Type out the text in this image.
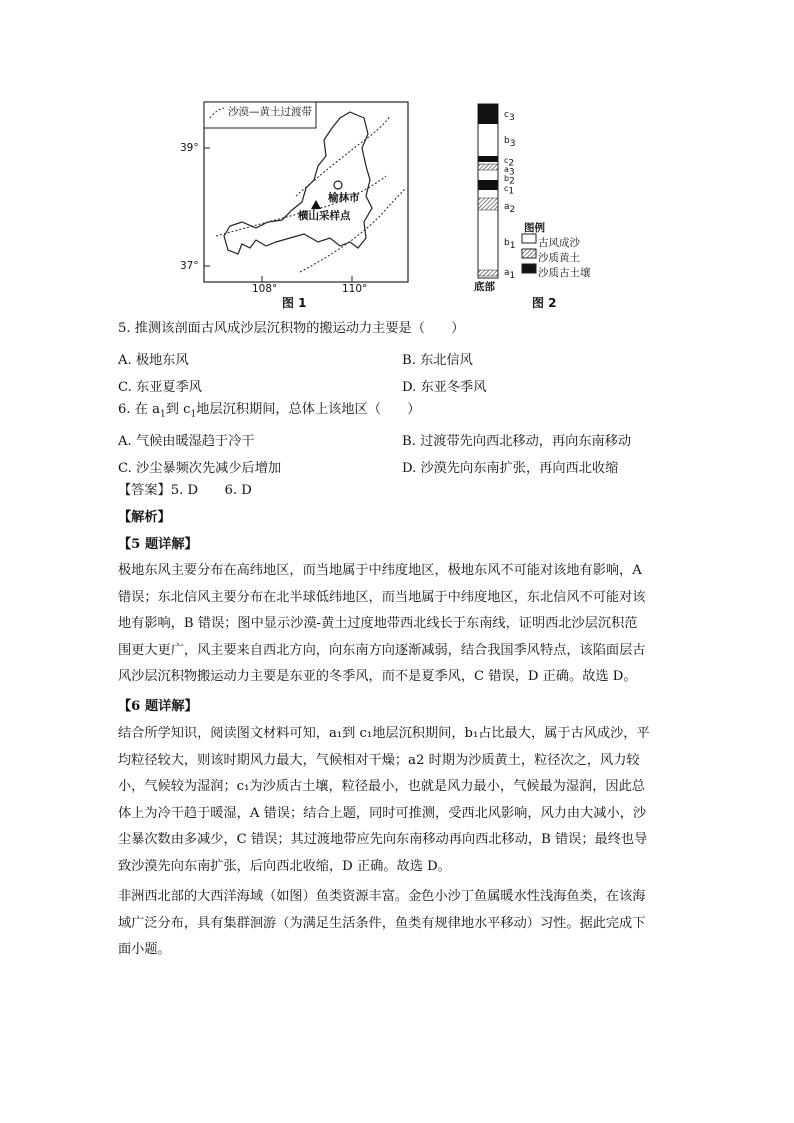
沙漠—黄土过渡带
39°
37°
108°	110°
榆林市
横山采样点
图 1
$c_3$
$b_3$
$c_2$
$a_3$
$b_2$
$c_1$
$a_2$
$b_1$
$a_1$
底部
图例
古风成沙
沙质黄土
沙质古土壤
图 2
5. 推测该剖面古风成沙层沉积物的搬运动力主要是（　　）
A. 极地东风	B. 东北信风
C. 东亚夏季风	D. 东亚冬季风
6. 在 $a_1$到 $c_1$地层沉积期间，总体上该地区（　　）
A. 气候由暖湿趋于冷干	B. 过渡带先向西北移动，再向东南移动
C. 沙尘暴频次先减少后增加	D. 沙漠先向东南扩张，再向西北收缩
【答案】5. D　　6. D
【解析】
【5 题详解】
极地东风主要分布在高纬地区，而当地属于中纬度地区，极地东风不可能对该地有影响，A
错误；东北信风主要分布在北半球低纬地区，而当地属于中纬度地区，东北信风不可能对该
地有影响，B 错误；图中显示沙漠-黄土过度地带西北线长于东南线，证明西北沙层沉积范
围更大更广，风主要来自西北方向，向东南方向逐渐减弱，结合我国季风特点，该陷面层古
风沙层沉积物搬运动力主要是东亚的冬季风，而不是夏季风，C 错误，D 正确。故选 D。
【6 题详解】
结合所学知识，阅读图文材料可知，a₁到 c₁地层沉积期间，b₁占比最大，属于古风成沙，平
均粒径较大，则该时期风力最大，气候相对干燥；a2 时期为沙质黄土，粒径次之，风力较
小，气候较为湿润；c₁为沙质古土壤，粒径最小，也就是风力最小，气候最为湿润，因此总
体上为冷干趋于暖湿，A 错误；结合上题，同时可推测，受西北风影响，风力由大减小，沙
尘暴次数由多减少，C 错误；其过渡地带应先向东南移动再向西北移动，B 错误；最终也导
致沙漠先向东南扩张，后向西北收缩，D 正确。故选 D。
非洲西北部的大西洋海域（如图）鱼类资源丰富。金色小沙丁鱼属暖水性浅海鱼类，在该海
域广泛分布，具有集群洄游（为满足生活条件，鱼类有规律地水平移动）习性。据此完成下
面小题。
